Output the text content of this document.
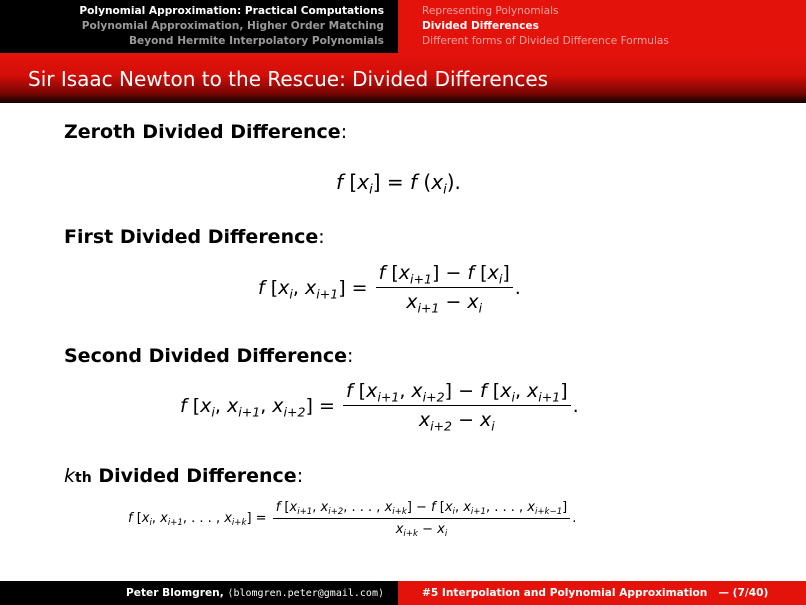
Polynomial Approximation: Practical Computations
Polynomial Approximation, Higher Order Matching
Beyond Hermite Interpolatory Polynomials
Representing Polynomials
Divided Differences
Different forms of Divided Difference Formulas
Sir Isaac Newton to the Rescue: Divided Differences
Zeroth Divided Difference:
f $[x_i] = f$ $(x_i)$.
First Divided Difference:
f [$x_i$, $x_{i+1}] = \frac{f [x_{i+1}] - f [x_i]}{x_{i+1} - x_i}$ .
Second Divided Difference:
f [$x_i$, $x_{i+1}$, $x_{i+2}] = \frac{f [x_{i+1}, x_{i+2}] - f [x_i, x_{i+1}]}{x_{i+2} - x_i}$ .
kth Divided Difference:
f [$x_i$, $x_{i+1}$, . . . , $x_{i+k}] = \frac{f [x_{i+1}, x_{i+2}, . . . , x_{i+k}] - f [x_i, x_{i+1}, . . . , x_{i+k-1}]}{x_{i+k} - x_i}$ .
Peter Blomgren,
⟨blomgren.peter@gmail.com⟩	#5 Interpolation and Polynomial Approximation
— (7/40)
